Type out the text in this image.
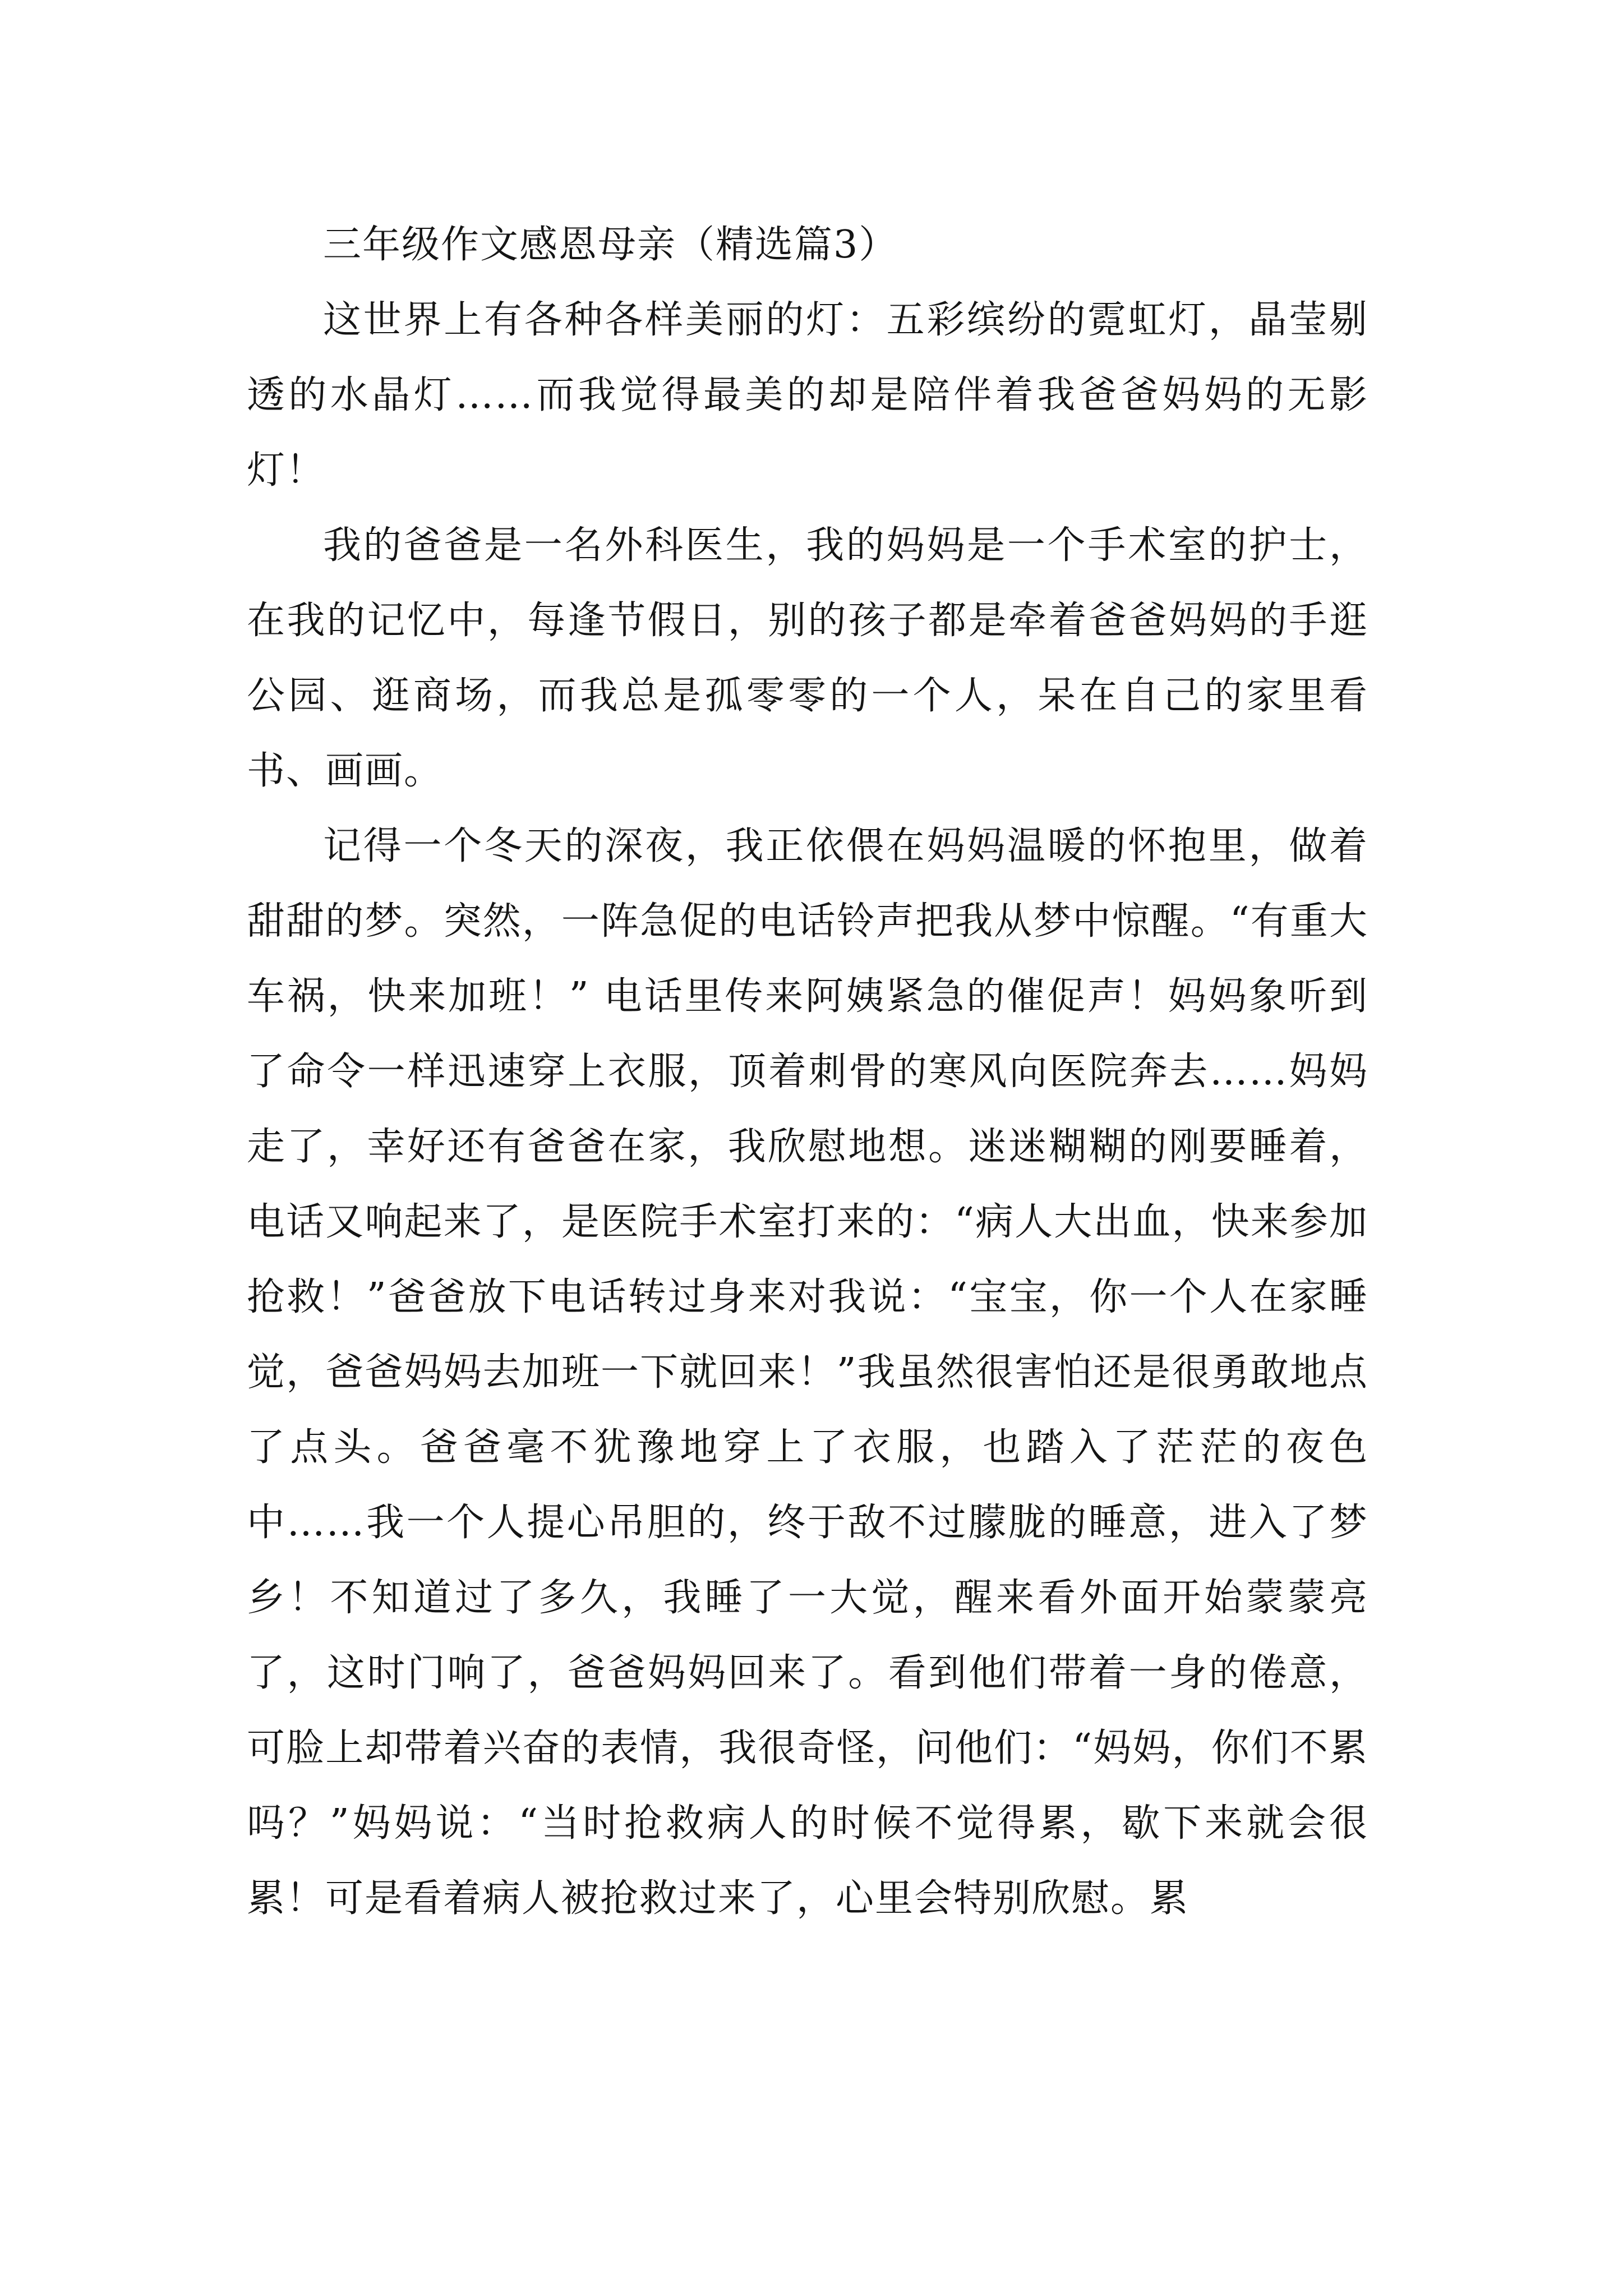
三年级作文感恩母亲（精选篇3）

这世界上有各种各样美丽的灯：五彩缤纷的霓虹灯，晶莹剔透的水晶灯……而我觉得最美的却是陪伴着我爸爸妈妈的无影灯！

我的爸爸是一名外科医生，我的妈妈是一个手术室的护士，在我的记忆中，每逢节假日，别的孩子都是牵着爸爸妈妈的手逛公园、逛商场，而我总是孤零零的一个人，呆在自己的家里看书、画画。

记得一个冬天的深夜，我正依偎在妈妈温暖的怀抱里，做着甜甜的梦。突然，一阵急促的电话铃声把我从梦中惊醒。“有重大车祸，快来加班！” 电话里传来阿姨紧急的催促声！妈妈象听到了命令一样迅速穿上衣服，顶着刺骨的寒风向医院奔去……妈妈走了，幸好还有爸爸在家，我欣慰地想。迷迷糊糊的刚要睡着，电话又响起来了，是医院手术室打来的：“病人大出血，快来参加抢救！”爸爸放下电话转过身来对我说：“宝宝，你一个人在家睡觉，爸爸妈妈去加班一下就回来！”我虽然很害怕还是很勇敢地点了点头。爸爸毫不犹豫地穿上了衣服，也踏入了茫茫的夜色中……我一个人提心吊胆的，终于敌不过朦胧的睡意，进入了梦乡！不知道过了多久，我睡了一大觉，醒来看外面开始蒙蒙亮了，这时门响了，爸爸妈妈回来了。看到他们带着一身的倦意，可脸上却带着兴奋的表情，我很奇怪，问他们：“妈妈，你们不累吗？”妈妈说：“当时抢救病人的时候不觉得累，歇下来就会很累！可是看着病人被抢救过来了，心里会特别欣慰。累
